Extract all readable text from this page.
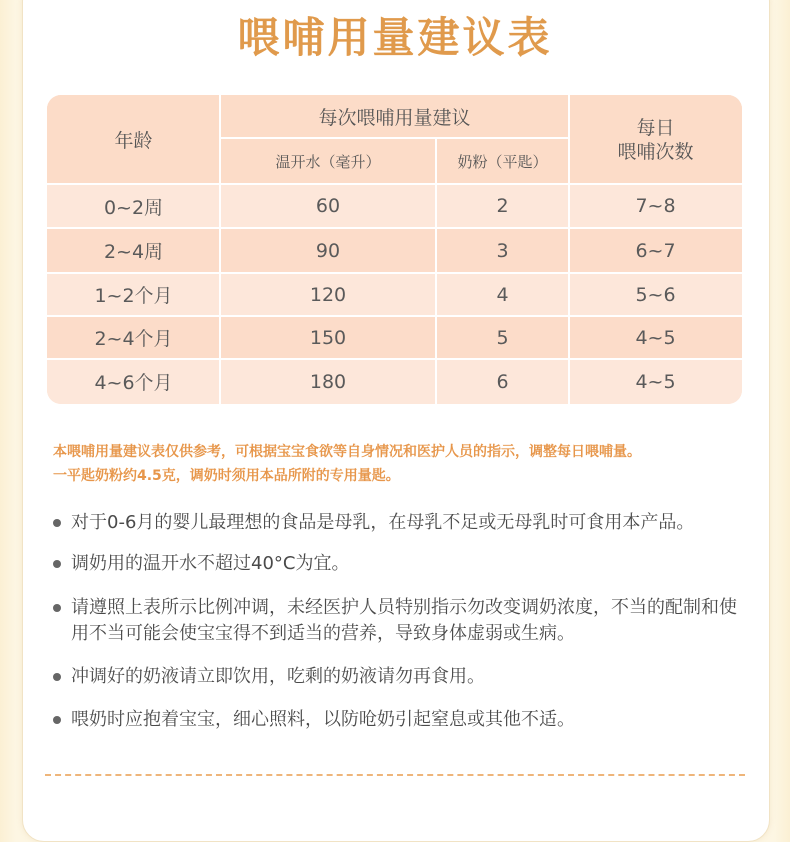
喂哺用量建议表
年龄
每次喂哺用量建议
温开水（毫升）	奶粉（平匙）
每日
喂哺次数
0~2周	60	2	7~8
2~4周	90	3	6~7
1~2个月	120	4	5~6
2~4个月	150	5	4~5
4~6个月	180	6	4~5
本喂哺用量建议表仅供参考，可根据宝宝食欲等自身情况和医护人员的指示，调整每日喂哺量。
一平匙奶粉约4.5克，调奶时须用本品所附的专用量匙。
对于0-6月的婴儿最理想的食品是母乳，在母乳不足或无母乳时可食用本产品。
调奶用的温开水不超过40°C为宜。
请遵照上表所示比例冲调，未经医护人员特别指示勿改变调奶浓度，不当的配制和使用不当可能会使宝宝得不到适当的营养，导致身体虚弱或生病。
冲调好的奶液请立即饮用，吃剩的奶液请勿再食用。
喂奶时应抱着宝宝，细心照料，以防呛奶引起窒息或其他不适。
